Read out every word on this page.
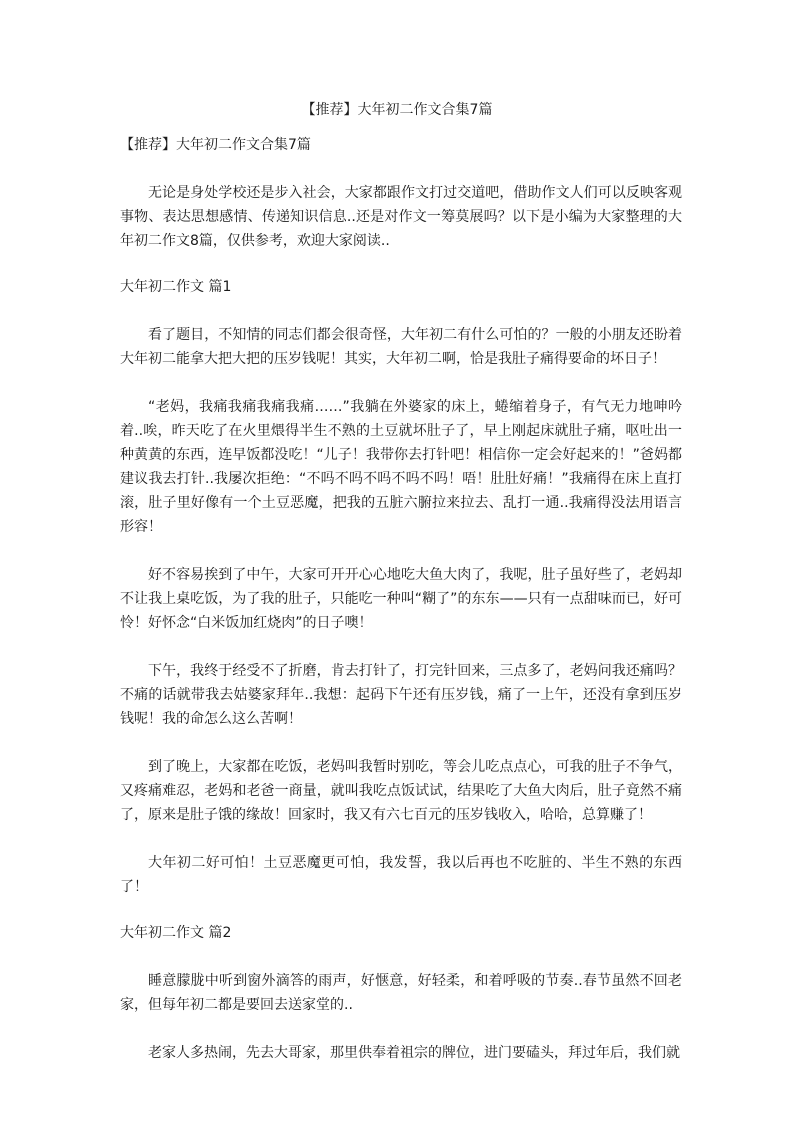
【推荐】大年初二作文合集7篇

【推荐】大年初二作文合集7篇

无论是身处学校还是步入社会，大家都跟作文打过交道吧，借助作文人们可以反映客观事物、表达思想感情、传递知识信息..还是对作文一筹莫展吗？以下是小编为大家整理的大年初二作文8篇，仅供参考，欢迎大家阅读..

大年初二作文 篇1

看了题目，不知情的同志们都会很奇怪，大年初二有什么可怕的？一般的小朋友还盼着大年初二能拿大把大把的压岁钱呢！其实，大年初二啊，恰是我肚子痛得要命的坏日子！

“老妈，我痛我痛我痛我痛……”我躺在外婆家的床上，蜷缩着身子，有气无力地呻吟着..唉，昨天吃了在火里煨得半生不熟的土豆就坏肚子了，早上刚起床就肚子痛，呕吐出一种黄黄的东西，连早饭都没吃！“儿子！我带你去打针吧！相信你一定会好起来的！”爸妈都建议我去打针..我屡次拒绝：“不吗不吗不吗不吗不吗！唔！肚肚好痛！”我痛得在床上直打滚，肚子里好像有一个土豆恶魔，把我的五脏六腑拉来拉去、乱打一通..我痛得没法用语言形容！

好不容易挨到了中午，大家可开开心心地吃大鱼大肉了，我呢，肚子虽好些了，老妈却不让我上桌吃饭，为了我的肚子，只能吃一种叫“糊了”的东东——只有一点甜味而已，好可怜！好怀念“白米饭加红烧肉”的日子噢！

下午，我终于经受不了折磨，肯去打针了，打完针回来，三点多了，老妈问我还痛吗？不痛的话就带我去姑婆家拜年..我想：起码下午还有压岁钱，痛了一上午，还没有拿到压岁钱呢！我的命怎么这么苦啊！

到了晚上，大家都在吃饭，老妈叫我暂时别吃，等会儿吃点点心，可我的肚子不争气，又疼痛难忍，老妈和老爸一商量，就叫我吃点饭试试，结果吃了大鱼大肉后，肚子竟然不痛了，原来是肚子饿的缘故！回家时，我又有六七百元的压岁钱收入，哈哈，总算赚了！

大年初二好可怕！土豆恶魔更可怕，我发誓，我以后再也不吃脏的、半生不熟的东西了！

大年初二作文 篇2

睡意朦胧中听到窗外滴答的雨声，好惬意，好轻柔，和着呼吸的节奏..春节虽然不回老家，但每年初二都是要回去送家堂的..

老家人多热闹，先去大哥家，那里供奉着祖宗的牌位，进门要磕头，拜过年后，我们就
